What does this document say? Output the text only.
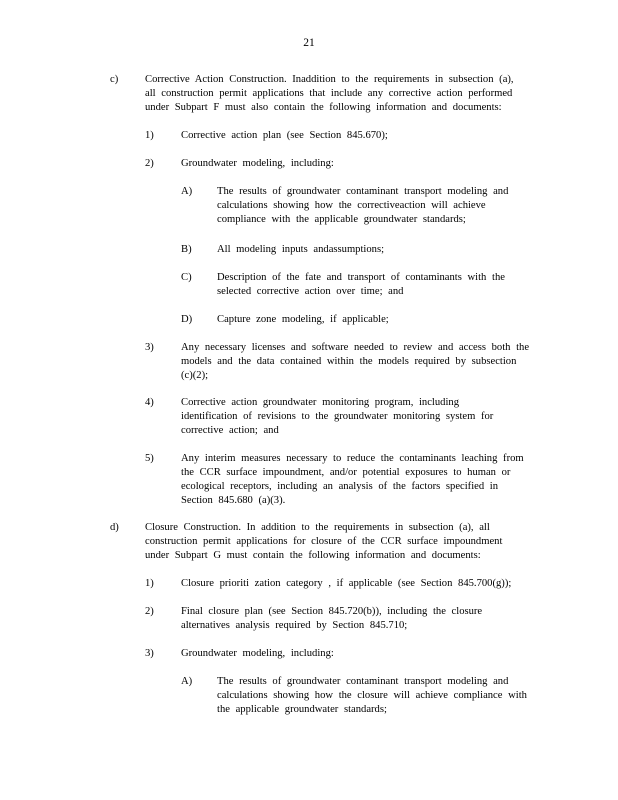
21
c)	Corrective Action Construction. Inaddition to the requirements in subsection (a),
all construction permit applications that include any corrective action performed
under Subpart F must also contain the following information and documents:
1)	Corrective action plan (see Section 845.670);
2)	Groundwater modeling, including:
A) The results of groundwater contaminant transport modeling and
calculations showing how the correctiveaction will achieve
compliance with the applicable groundwater standards;
B) All modeling inputs andassumptions;
C) Description of the fate and transport of contaminants with the
selected corrective action over time; and
D) Capture zone modeling, if applicable;
3)	Any necessary licenses and software needed to review and access both the
models and the data contained within the models required by subsection
(c)(2);
4)	Corrective action groundwater monitoring program, including
identification of revisions to the groundwater monitoring system for
corrective action; and
5)	Any interim measures necessary to reduce the contaminants leaching from
the CCR surface impoundment, and/or potential exposures to human or
ecological receptors, including an analysis of the factors specified in
Section 845.680 (a)(3).
d) Closure Construction. In addition to the requirements in subsection (a), all
construction permit applications for closure of the CCR surface impoundment
under Subpart G must contain the following information and documents:
1)	Closure prioriti zation category , if applicable (see Section 845.700(g));
2)	Final closure plan (see Section 845.720(b)), including the closure
alternatives analysis required by Section 845.710;
3)	Groundwater modeling, including:
A) The results of groundwater contaminant transport modeling and
calculations showing how the closure will achieve compliance with
the applicable groundwater standards;
